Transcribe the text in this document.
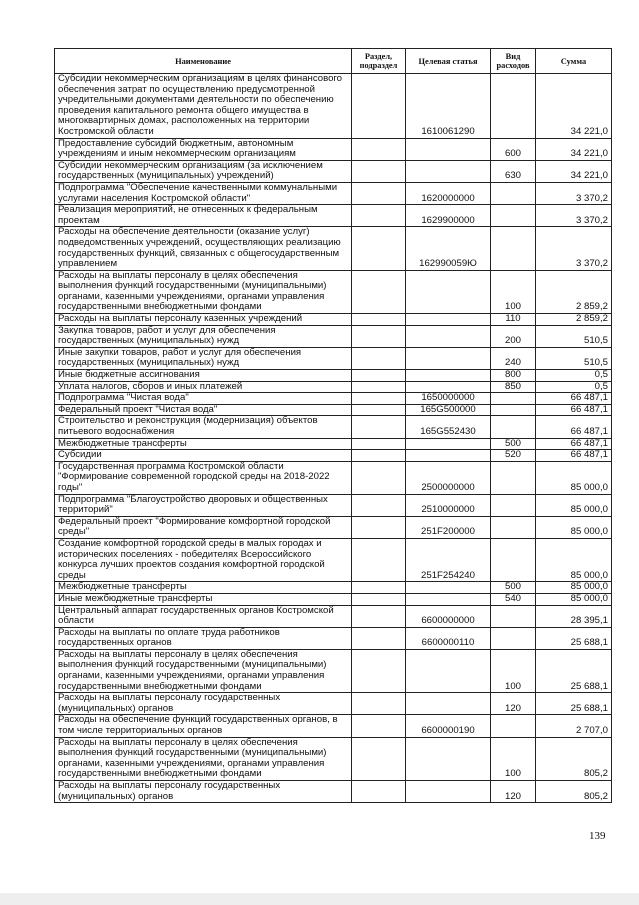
Наименование	Раздел, подраздел	Целевая статья	Вид расходов	Сумма
Субсидии некоммерческим организациям в целях финансового обеспечения затрат по осуществлению предусмотренной учредительными документами деятельности по обеспечению проведения капитального ремонта общего имущества в многоквартирных домах, расположенных на территории Костромской области		1610061290		34 221,0
Предоставление субсидий бюджетным, автономным учреждениям и иным некоммерческим организациям			600	34 221,0
Субсидии некоммерческим организациям (за исключением государственных (муниципальных) учреждений)			630	34 221,0
Подпрограмма "Обеспечение качественными коммунальными услугами населения Костромской области"		1620000000		3 370,2
Реализация мероприятий, не отнесенных к федеральным проектам		1629900000		3 370,2
Расходы на обеспечение деятельности (оказание услуг) подведомственных учреждений, осуществляющих реализацию государственных функций, связанных с общегосударственным управлением		162990059Ю		3 370,2
Расходы на выплаты персоналу в целях обеспечения выполнения функций государственными (муниципальными) органами, казенными учреждениями, органами управления государственными внебюджетными фондами			100	2 859,2
Расходы на выплаты персоналу казенных учреждений			110	2 859,2
Закупка товаров, работ и услуг для обеспечения государственных (муниципальных) нужд			200	510,5
Иные закупки товаров, работ и услуг для обеспечения государственных (муниципальных) нужд			240	510,5
Иные бюджетные ассигнования			800	0,5
Уплата налогов, сборов и иных платежей			850	0,5
Подпрограмма "Чистая вода"		1650000000		66 487,1
Федеральный проект "Чистая вода"		165G500000		66 487,1
Строительство и реконструкция (модернизация) объектов питьевого водоснабжения		165G552430		66 487,1
Межбюджетные трансферты			500	66 487,1
Субсидии			520	66 487,1
Государственная программа Костромской области "Формирование современной городской среды на 2018-2022 годы"		2500000000		85 000,0
Подпрограмма "Благоустройство дворовых и общественных территорий"		2510000000		85 000,0
Федеральный проект "Формирование комфортной городской среды"		251F200000		85 000,0
Создание комфортной городской среды в малых городах и исторических поселениях - победителях Всероссийского конкурса лучших проектов создания комфортной городской среды		251F254240		85 000,0
Межбюджетные трансферты			500	85 000,0
Иные межбюджетные трансферты			540	85 000,0
Центральный аппарат государственных органов Костромской области		6600000000		28 395,1
Расходы на выплаты по оплате труда работников государственных органов		6600000110		25 688,1
Расходы на выплаты персоналу в целях обеспечения выполнения функций государственными (муниципальными) органами, казенными учреждениями, органами управления государственными внебюджетными фондами			100	25 688,1
Расходы на выплаты персоналу государственных (муниципальных) органов			120	25 688,1
Расходы на обеспечение функций государственных органов, в том числе территориальных органов		6600000190		2 707,0
Расходы на выплаты персоналу в целях обеспечения выполнения функций государственными (муниципальными) органами, казенными учреждениями, органами управления государственными внебюджетными фондами			100	805,2
Расходы на выплаты персоналу государственных (муниципальных) органов			120	805,2
139
